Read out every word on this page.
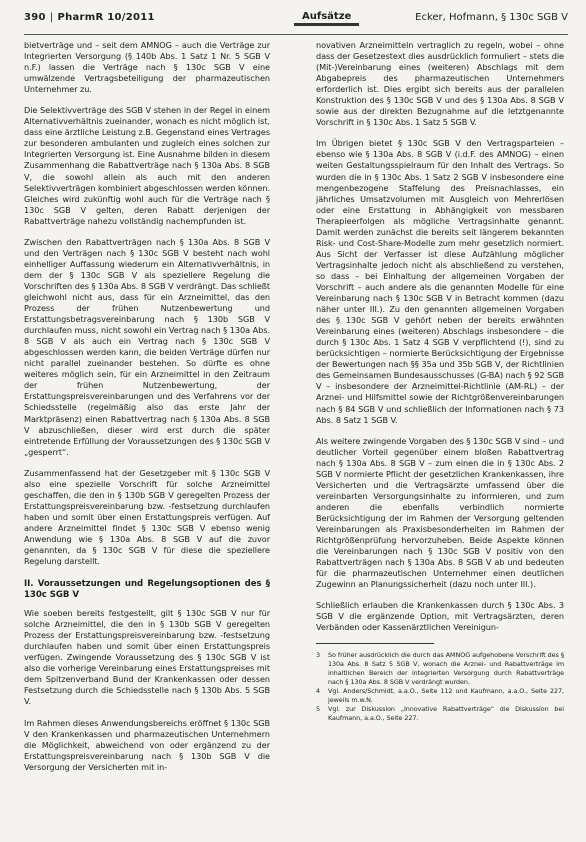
390 | PharmR 10/2011	Aufsätze	Ecker, Hofmann, § 130c SGB V

bietverträge und – seit dem AMNOG – auch die Verträge zur Integrierten Versorgung (§ 140b Abs. 1 Satz 1 Nr. 5 SGB V n.F.) lassen die Verträge nach § 130c SGB V eine umwälzende Vertragsbeteiligung der pharmazeutischen Unternehmer zu.

Die Selektivverträge des SGB V stehen in der Regel in einem Alternativverhältnis zueinander, wonach es nicht möglich ist, dass eine ärztliche Leistung z.B. Gegenstand eines Vertrages zur besonderen ambulanten und zugleich eines solchen zur Integrierten Versorgung ist. Eine Ausnahme bilden in diesem Zusammenhang die Rabattverträge nach § 130a Abs. 8 SGB V, die sowohl allein als auch mit den anderen Selektivverträgen kombiniert abgeschlossen werden können. Gleiches wird zukünftig wohl auch für die Verträge nach § 130c SGB V gelten, deren Rabatt derjenigen der Rabattverträge nahezu vollständig nachempfunden ist.

Zwischen den Rabattverträgen nach § 130a Abs. 8 SGB V und den Verträgen nach § 130c SGB V besteht nach wohl einhelliger Auffassung wiederum ein Alternativverhältnis, in dem der § 130c SGB V als speziellere Regelung die Vorschriften des § 130a Abs. 8 SGB V verdrängt. Das schließt gleichwohl nicht aus, dass für ein Arzneimittel, das den Prozess der frühen Nutzenbewertung und Erstattungsbetragsvereinbarung nach § 130b SGB V durchlaufen muss, nicht sowohl ein Vertrag nach § 130a Abs. 8 SGB V als auch ein Vertrag nach § 130c SGB V abgeschlossen werden kann, die beiden Verträge dürfen nur nicht parallel zueinander bestehen. So dürfte es ohne weiteres möglich sein, für ein Arzneimittel in den Zeitraum der frühen Nutzenbewertung, der Erstattungspreisvereinbarungen und des Verfahrens vor der Schiedsstelle (regelmäßig also das erste Jahr der Marktpräsenz) einen Rabattvertrag nach § 130a Abs. 8 SGB V abzuschließen, dieser wird erst durch die später eintretende Erfüllung der Voraussetzungen des § 130c SGB V „gesperrt“.

Zusammenfassend hat der Gesetzgeber mit § 130c SGB V also eine spezielle Vorschrift für solche Arzneimittel geschaffen, die den in § 130b SGB V geregelten Prozess der Erstattungspreisvereinbarung bzw. -festsetzung durchlaufen haben und somit über einen Erstattungspreis verfügen. Auf andere Arzneimittel findet § 130c SGB V ebenso wenig Anwendung wie § 130a Abs. 8 SGB V auf die zuvor genannten, da § 130c SGB V für diese die speziellere Regelung darstellt.

II. Voraussetzungen und Regelungsoptionen des § 130c SGB V

Wie soeben bereits festgestellt, gilt § 130c SGB V nur für solche Arzneimittel, die den in § 130b SGB V geregelten Prozess der Erstattungspreisvereinbarung bzw. -festsetzung durchlaufen haben und somit über einen Erstattungspreis verfügen. Zwingende Voraussetzung des § 130c SGB V ist also die vorherige Vereinbarung eines Erstattungspreises mit dem Spitzenverband Bund der Krankenkassen oder dessen Festsetzung durch die Schiedsstelle nach § 130b Abs. 5 SGB V.

Im Rahmen dieses Anwendungsbereichs eröffnet § 130c SGB V den Krankenkassen und pharmazeutischen Unternehmern die Möglichkeit, abweichend von oder ergänzend zu der Erstattungspreisvereinbarung nach § 130b SGB V die Versorgung der Versicherten mit in-

novativen Arzneimitteln vertraglich zu regeln, wobei – ohne dass der Gesetzestext dies ausdrücklich formuliert – stets die (Mit-)Vereinbarung eines (weiteren) Abschlags mit dem Abgabepreis des pharmazeutischen Unternehmers erforderlich ist. Dies ergibt sich bereits aus der parallelen Konstruktion des § 130c SGB V und des § 130a Abs. 8 SGB V sowie aus der direkten Bezugnahme auf die letztgenannte Vorschrift in § 130c Abs. 1 Satz 5 SGB V.

Im Übrigen bietet § 130c SGB V den Vertragsparteien – ebenso wie § 130a Abs. 8 SGB V (i.d.F. des AMNOG) – einen weiten Gestaltungsspielraum für den Inhalt des Vertrags. So wurden die in § 130c Abs. 1 Satz 2 SGB V insbesondere eine mengenbezogene Staffelung des Preisnachlasses, ein jährliches Umsatzvolumen mit Ausgleich von Mehrerlösen oder eine Erstattung in Abhängigkeit von messbaren Therapieerfolgen als mögliche Vertragsinhalte genannt. Damit werden zunächst die bereits seit längerem bekannten Risk- und Cost-Share-Modelle zum mehr gesetzlich normiert. Aus Sicht der Verfasser ist diese Aufzählung möglicher Vertragsinhalte jedoch nicht als abschließend zu verstehen, so dass – bei Einhaltung der allgemeinen Vorgaben der Vorschrift – auch andere als die genannten Modelle für eine Vereinbarung nach § 130c SGB V in Betracht kommen (dazu näher unter III.). Zu den genannten allgemeinen Vorgaben des § 130c SGB V gehört neben der bereits erwähnten Vereinbarung eines (weiteren) Abschlags insbesondere – die durch § 130c Abs. 1 Satz 4 SGB V verpflichtend (!), sind zu berücksichtigen – normierte Berücksichtigung der Ergebnisse der Bewertungen nach §§ 35a und 35b SGB V, der Richtlinien des Gemeinsamen Bundesausschusses (G-BA) nach § 92 SGB V – insbesondere der Arzneimittel-Richtlinie (AM-RL) – der Arznei- und Hilfsmittel sowie der Richtgrößenvereinbarungen nach § 84 SGB V und schließlich der Informationen nach § 73 Abs. 8 Satz 1 SGB V.

Als weitere zwingende Vorgaben des § 130c SGB V sind – und deutlicher Vorteil gegenüber einem bloßen Rabattvertrag nach § 130a Abs. 8 SGB V – zum einen die in § 130c Abs. 2 SGB V normierte Pflicht der gesetzlichen Krankenkassen, ihre Versicherten und die Vertragsärzte umfassend über die vereinbarten Versorgungsinhalte zu informieren, und zum anderen die ebenfalls verbindlich normierte Berücksichtigung der im Rahmen der Versorgung geltenden Vereinbarungen als Praxisbesonderheiten im Rahmen der Richtgrößenprüfung hervorzuheben. Beide Aspekte können die Vereinbarungen nach § 130c SGB V positiv von den Rabattverträgen nach § 130a Abs. 8 SGB V ab und bedeuten für die pharmazeutischen Unternehmer einen deutlichen Zugewinn an Planungssicherheit (dazu noch unter III.).

Schließlich erlauben die Krankenkassen durch § 130c Abs. 3 SGB V die ergänzende Option, mit Vertragsärzten, deren Verbänden oder Kassenärztlichen Vereinigun-

3	So früher ausdrücklich die durch das AMNOG aufgehobene Vorschrift des § 130a Abs. 8 Satz 5 SGB V, wonach die Arznei- und Rabattverträge im inhaltlichen Bereich der integrierten Versorgung durch Rabattverträge nach § 130a Abs. 8 SGB V verdrängt wurden.
4	Vgl. Anders/Schmidt, a.a.O., Seite 112 und Kaufmann, a.a.O., Seite 227, jeweils m.w.N.
5	Vgl. zur Diskussion „Innovative Rabattverträge“ die Diskussion bei Kaufmann, a.a.O., Seite 227.
